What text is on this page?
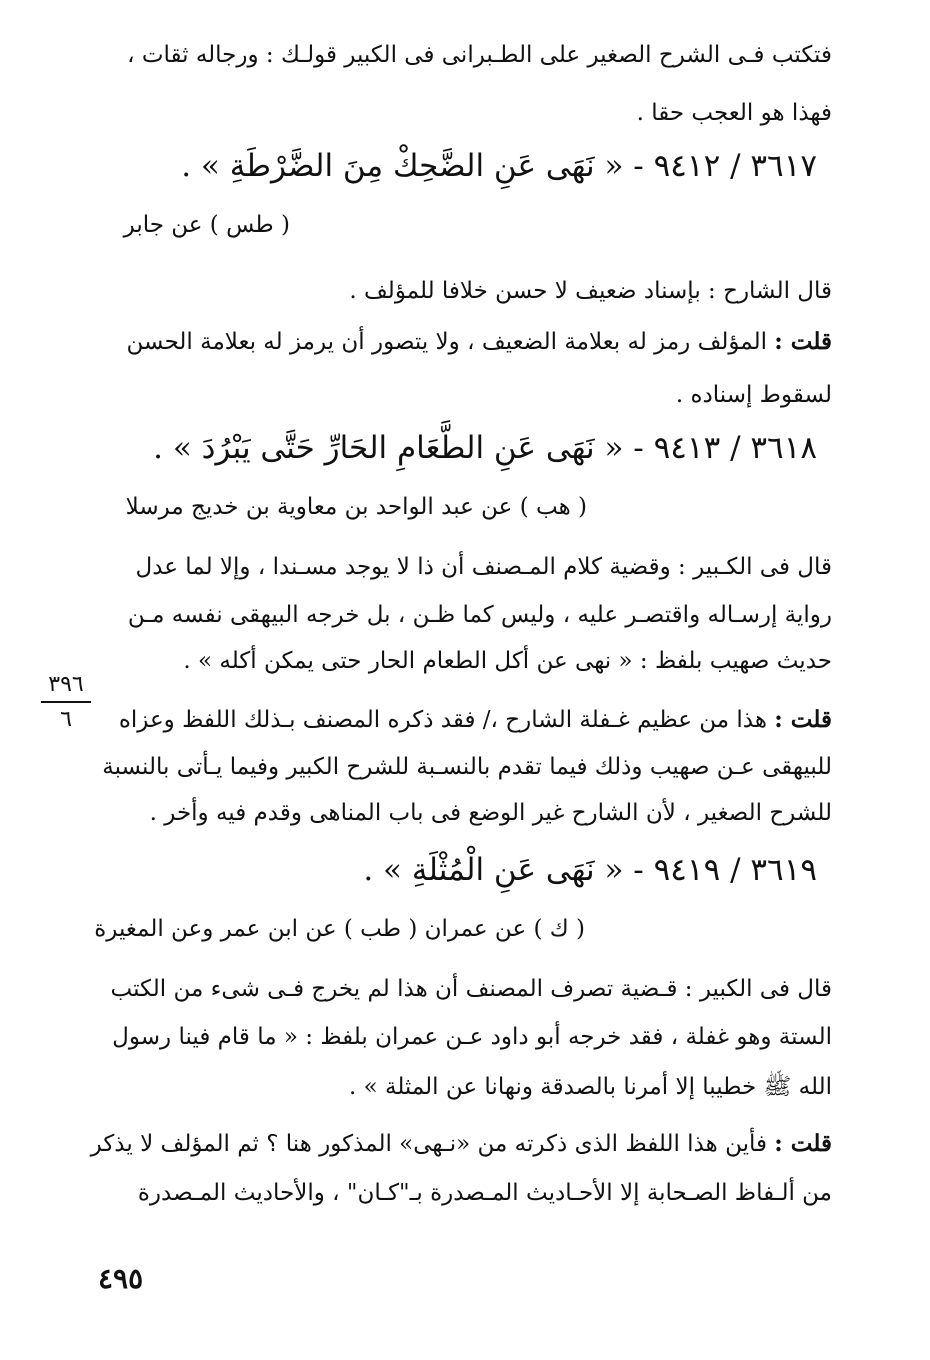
فتكتب فـى الشرح الصغير على الطـبرانى فى الكبير قولـك : ورجاله ثقات ،
فهذا هو العجب حقا .
٣٦١٧ / ٩٤١٢ - « نَهَى عَنِ الضَّحِكْ مِنَ الضَّرْطَةِ » .
( طس ) عن جابر
قال الشارح : بإسناد ضعيف لا حسن خلافا للمؤلف .
قلت : المؤلف رمز له بعلامة الضعيف ، ولا يتصور أن يرمز له بعلامة الحسن
لسقوط إسناده .
٣٦١٨ / ٩٤١٣ - « نَهَى عَنِ الطَّعَامِ الحَارِّ حَتَّى يَبْرُدَ » .
( هب ) عن عبد الواحد بن معاوية بن خديج مرسلا
قال فى الكـبير : وقضية كلام المـصنف أن ذا لا يوجد مسـندا ، وإلا لما عدل
رواية إرسـاله واقتصـر عليه ، وليس كما ظـن ، بل خرجه البيهقى نفسه مـن
حديث صهيب بلفظ : « نهى عن أكل الطعام الحار حتى يمكن أكله » .
قلت : هذا من عظيم غـفلة الشارح ،/ فقد ذكره المصنف بـذلك اللفظ وعزاه
للبيهقى عـن صهيب وذلك فيما تقدم بالنسـبة للشرح الكبير وفيما يـأتى بالنسبة
للشرح الصغير ، لأن الشارح غير الوضع فى باب المناهى وقدم فيه وأخر .
٣٦١٩ / ٩٤١٩ - « نَهَى عَنِ الْمُثْلَةِ » .
( ك ) عن عمران ( طب ) عن ابن عمر وعن المغيرة
قال فى الكبير : قـضية تصرف المصنف أن هذا لم يخرج فـى شىء من الكتب
الستة وهو غفلة ، فقد خرجه أبو داود عـن عمران بلفظ : « ما قام فينا رسول
الله ﷺ خطيبا إلا أمرنا بالصدقة ونهانا عن المثلة » .
قلت : فأين هذا اللفظ الذى ذكرته من «نـهى» المذكور هنا ؟ ثم المؤلف لا يذكر
من ألـفاظ الصـحابة إلا الأحـاديث المـصدرة بـ"كـان" ، والأحاديث المـصدرة
٣٩٦
٦
٤٩٥
